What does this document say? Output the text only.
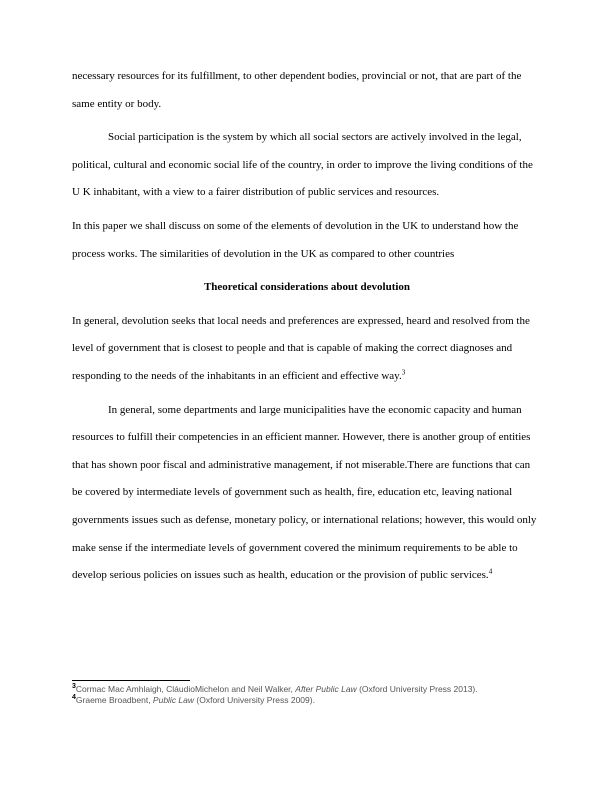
necessary resources for its fulfillment, to other dependent bodies, provincial or not, that are part of the same entity or body.

Social participation is the system by which all social sectors are actively involved in the legal, political, cultural and economic social life of the country, in order to improve the living conditions of the U K inhabitant, with a view to a fairer distribution of public services and resources.

In this paper we shall discuss on some of the elements of devolution in the UK to understand how the process works. The similarities of devolution in the UK as compared to other countries

Theoretical considerations about devolution

In general, devolution seeks that local needs and preferences are expressed, heard and resolved from the level of government that is closest to people and that is capable of making the correct diagnoses and responding to the needs of the inhabitants in an efficient and effective way.$^3$

In general, some departments and large municipalities have the economic capacity and human resources to fulfill their competencies in an efficient manner. However, there is another group of entities that has shown poor fiscal and administrative management, if not miserable.There are functions that can be covered by intermediate levels of government such as health, fire, education etc, leaving national governments issues such as defense, monetary policy, or international relations; however, this would only make sense if the intermediate levels of government covered the minimum requirements to be able to develop serious policies on issues such as health, education or the provision of public services.$^4$

$^3$Cormac Mac Amhlaigh, CláudioMichelon and Neil Walker, After Public Law (Oxford University Press 2013).

$^4$Graeme Broadbent, Public Law (Oxford University Press 2009).
